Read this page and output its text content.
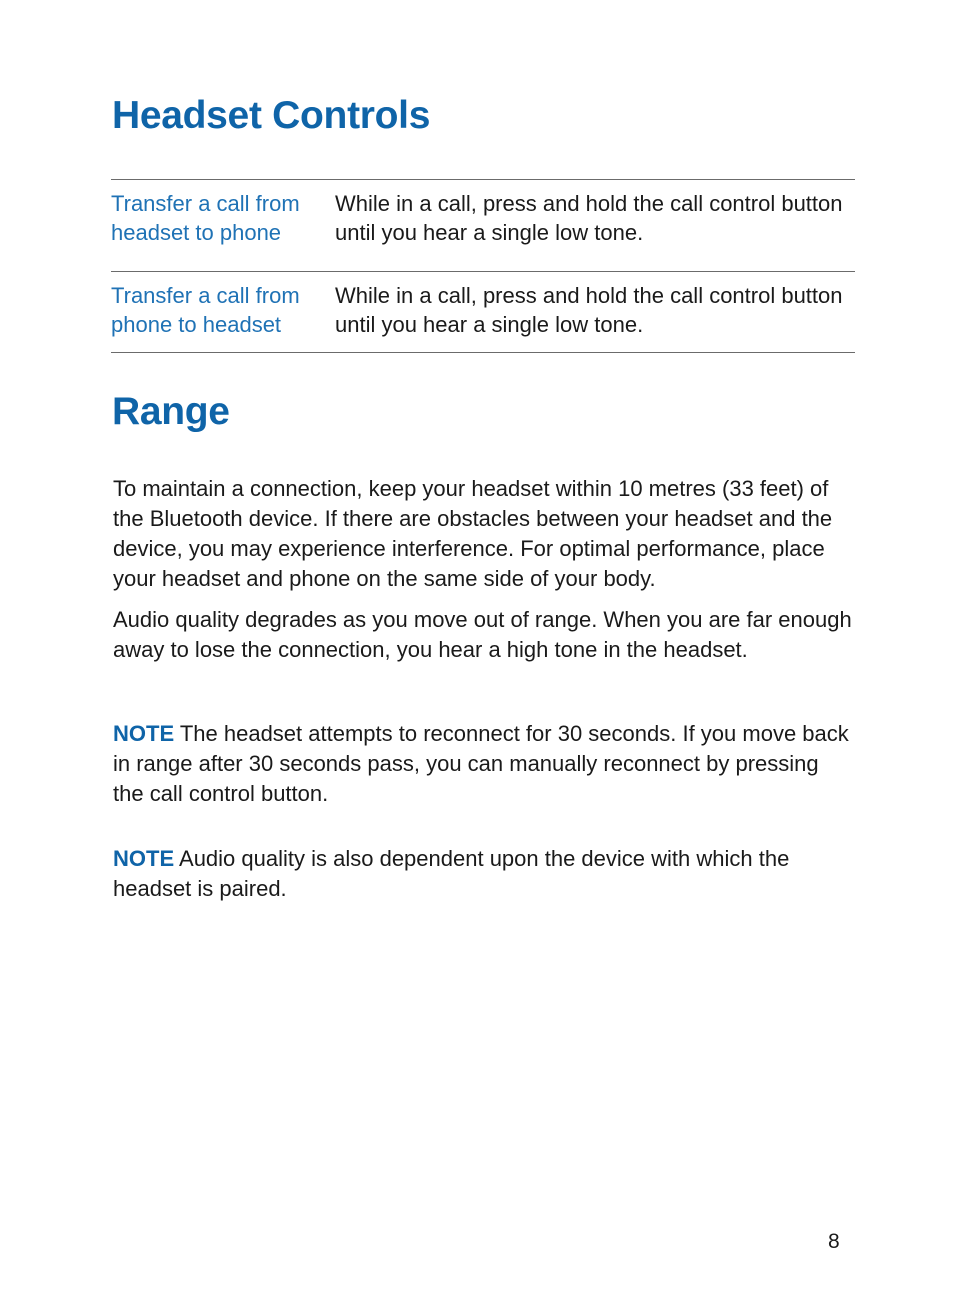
Headset Controls
Transfer a call from headset to phone
While in a call, press and hold the call control button until you hear a single low tone.
Transfer a call from phone to headset
While in a call, press and hold the call control button until you hear a single low tone.
Range

To maintain a connection, keep your headset within 10 metres (33 feet) of the Bluetooth device. If there are obstacles between your headset and the device, you may experience interference. For optimal performance, place your headset and phone on the same side of your body.

Audio quality degrades as you move out of range. When you are far enough away to lose the connection, you hear a high tone in the headset.

NOTE The headset attempts to reconnect for 30 seconds. If you move back in range after 30 seconds pass, you can manually reconnect by pressing the call control button.

NOTE Audio quality is also dependent upon the device with which the headset is paired.

8
